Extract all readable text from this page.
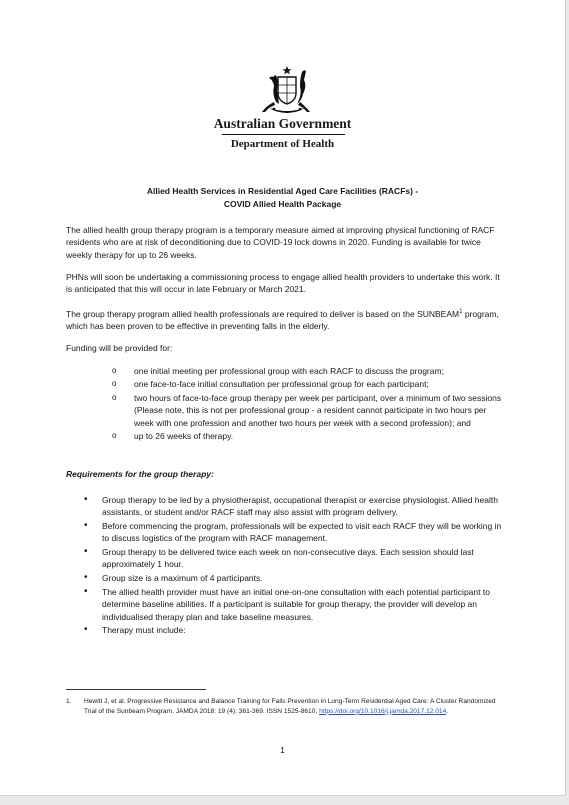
Australian Government
Department of Health
Allied Health Services in Residential Aged Care Facilities (RACFs) -
COVID Allied Health Package

The allied health group therapy program is a temporary measure aimed at improving physical functioning of RACF residents who are at risk of deconditioning due to COVID-19 lock downs in 2020. Funding is available for twice weekly therapy for up to 26 weeks.

PHNs will soon be undertaking a commissioning process to engage allied health providers to undertake this work. It is anticipated that this will occur in late February or March 2021.

The group therapy program allied health professionals are required to deliver is based on the SUNBEAM$^1$ program, which has been proven to be effective in preventing falls in the elderly.

Funding will be provided for:

o one initial meeting per professional group with each RACF to discuss the program;
o one face-to-face initial consultation per professional group for each participant;
o two hours of face-to-face group therapy per week per participant, over a minimum of two sessions (Please note, this is not per professional group - a resident cannot participate in two hours per week with one profession and another two hours per week with a second profession); and
o up to 26 weeks of therapy.

Requirements for the group therapy:

• Group therapy to be led by a physiotherapist, occupational therapist or exercise physiologist. Allied health assistants, or student and/or RACF staff may also assist with program delivery.
• Before commencing the program, professionals will be expected to visit each RACF they will be working in to discuss logistics of the program with RACF management.
• Group therapy to be delivered twice each week on non-consecutive days. Each session should last approximately 1 hour.
• Group size is a maximum of 4 participants.
• The allied health provider must have an initial one-on-one consultation with each potential participant to determine baseline abilities. If a participant is suitable for group therapy, the provider will develop an individualised therapy plan and take baseline measures.
• Therapy must include:
1. Hewitt J, et al. Progressive Resistance and Balance Training for Falls Prevention in Long-Term Residential Aged Care: A Cluster Randomized Trial of the Sunbeam Program. JAMDA 2018: 19 (4): 361-369. ISSN 1525-8610, https://doi.org/10.1016/j.jamda.2017.12.014.
1
